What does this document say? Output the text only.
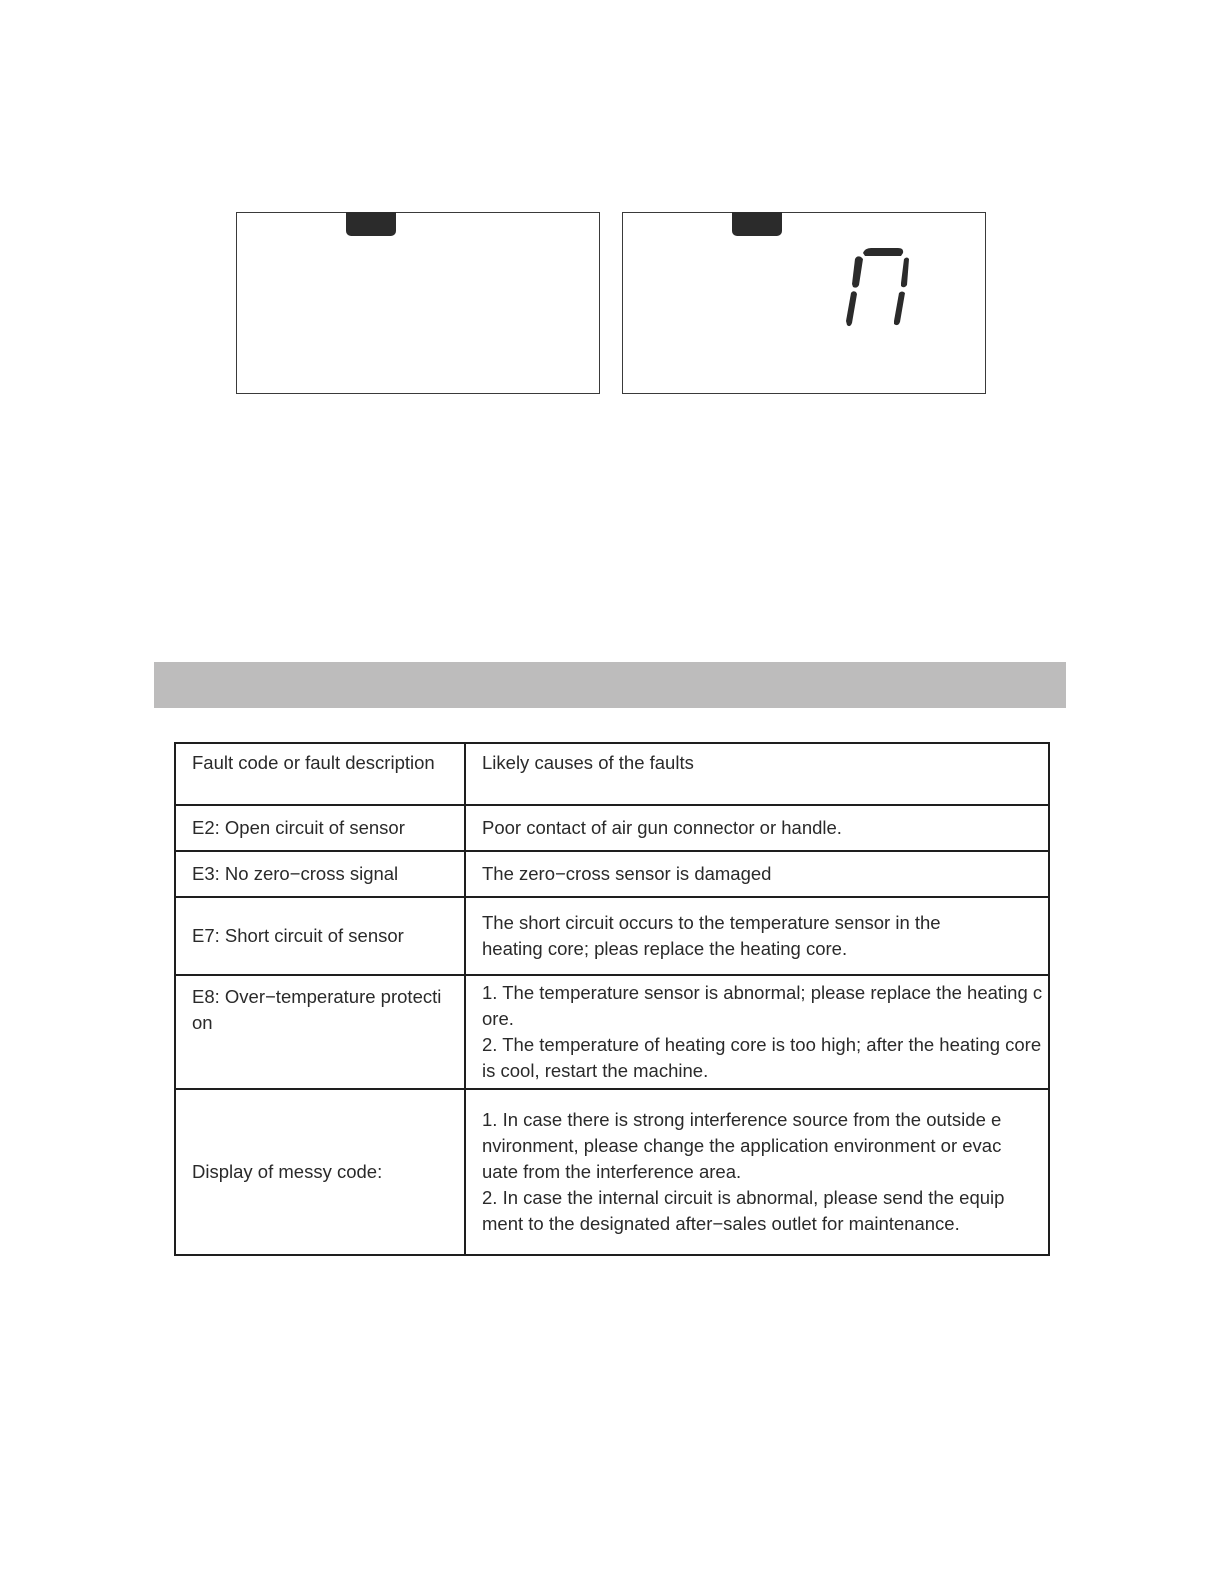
Fault code or fault description	Likely causes of the faults
E2: Open circuit of sensor	Poor contact of air gun connector or handle.

E3: No zero−cross signal	The zero−cross sensor is damaged

E7: Short circuit of sensor	The short circuit occurs to the temperature sensor in the heating core; pleas replace the heating core.

E8: Over−temperature protection	1. The temperature sensor is abnormal; please replace the heating core.
2. The temperature of heating core is too high; after the heating core is cool, restart the machine.

Display of messy code:	1. In case there is strong interference source from the outside environment, please change the application environment or evacuate from the interference area.
2. In case the internal circuit is abnormal, please send the equipment to the designated after−sales outlet for maintenance.
